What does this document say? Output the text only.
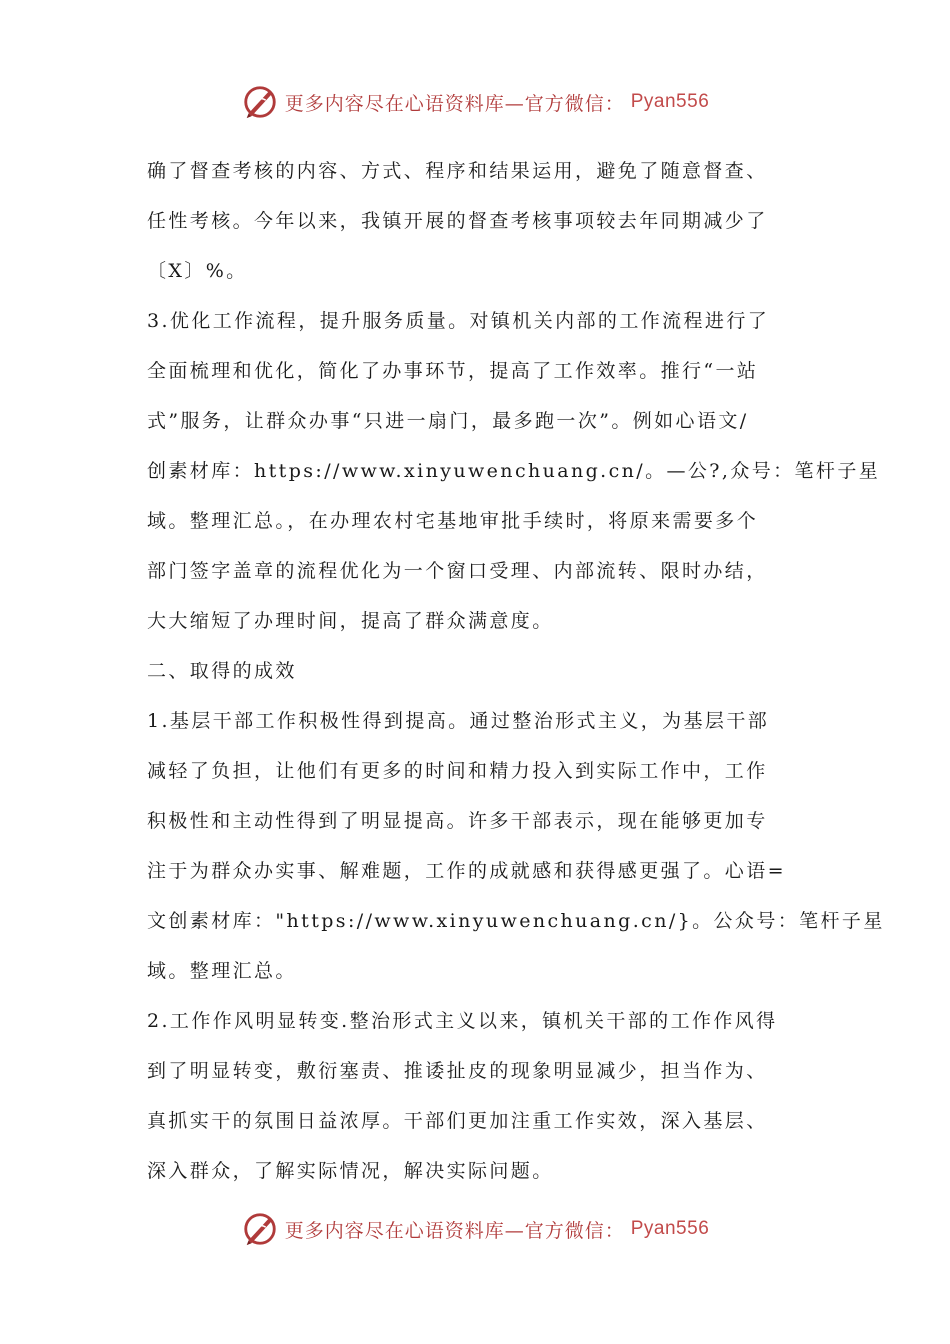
更多内容尽在心语资料库—官方微信： Pyan556
确了督查考核的内容、方式、程序和结果运用，避免了随意督查、
任性考核。今年以来，我镇开展的督查考核事项较去年同期减少了
〔X〕%。
3.优化工作流程，提升服务质量。对镇机关内部的工作流程进行了
全面梳理和优化，简化了办事环节，提高了工作效率。推行“一站
式”服务，让群众办事“只进一扇门，最多跑一次”。例如心语文/
创素材库：https://www.xinyuwenchuang.cn/。—公?,众号：笔杆子星
域。整理汇总。，在办理农村宅基地审批手续时，将原来需要多个
部门签字盖章的流程优化为一个窗口受理、内部流转、限时办结，
大大缩短了办理时间，提高了群众满意度。
二、取得的成效
1.基层干部工作积极性得到提高。通过整治形式主义，为基层干部
减轻了负担，让他们有更多的时间和精力投入到实际工作中，工作
积极性和主动性得到了明显提高。许多干部表示，现在能够更加专
注于为群众办实事、解难题，工作的成就感和获得感更强了。心语=
文创素材库："https://www.xinyuwenchuang.cn/}。公众号：笔杆子星
域。整理汇总。
2.工作作风明显转变.整治形式主义以来，镇机关干部的工作作风得
到了明显转变，敷衍塞责、推诿扯皮的现象明显减少，担当作为、
真抓实干的氛围日益浓厚。干部们更加注重工作实效，深入基层、
深入群众，了解实际情况，解决实际问题。
更多内容尽在心语资料库—官方微信： Pyan556
